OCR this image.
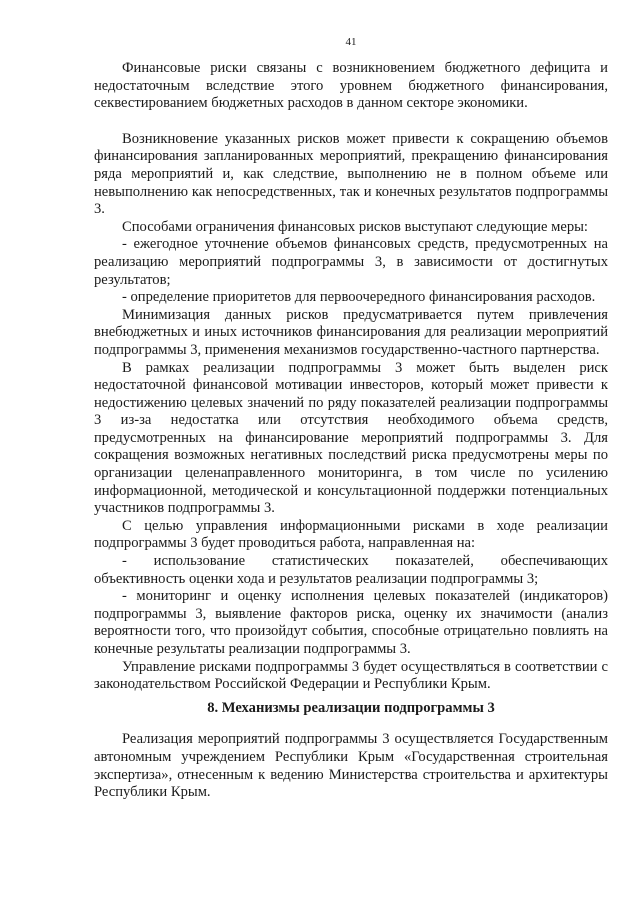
41

Финансовые риски связаны с возникновением бюджетного дефицита и недостаточным вследствие этого уровнем бюджетного финансирования, секвестированием бюджетных расходов в данном секторе экономики.

Возникновение указанных рисков может привести к сокращению объемов финансирования запланированных мероприятий, прекращению финансирования ряда мероприятий и, как следствие, выполнению не в полном объеме или невыполнению как непосредственных, так и конечных результатов подпрограммы 3.

Способами ограничения финансовых рисков выступают следующие меры:

- ежегодное уточнение объемов финансовых средств, предусмотренных на реализацию мероприятий подпрограммы 3, в зависимости от достигнутых результатов;

- определение приоритетов для первоочередного финансирования расходов.

Минимизация данных рисков предусматривается путем привлечения внебюджетных и иных источников финансирования для реализации мероприятий подпрограммы 3, применения механизмов государственно-частного партнерства.

В рамках реализации подпрограммы 3 может быть выделен риск недостаточной финансовой мотивации инвесторов, который может привести к недостижению целевых значений по ряду показателей реализации подпрограммы 3 из-за недостатка или отсутствия необходимого объема средств, предусмотренных на финансирование мероприятий подпрограммы 3. Для сокращения возможных негативных последствий риска предусмотрены меры по организации целенаправленного мониторинга, в том числе по усилению информационной, методической и консультационной поддержки потенциальных участников подпрограммы 3.

С целью управления информационными рисками в ходе реализации подпрограммы 3 будет проводиться работа, направленная на:

- использование статистических показателей, обеспечивающих объективность оценки хода и результатов реализации подпрограммы 3;

- мониторинг и оценку исполнения целевых показателей (индикаторов) подпрограммы 3, выявление факторов риска, оценку их значимости (анализ вероятности того, что произойдут события, способные отрицательно повлиять на конечные результаты реализации подпрограммы 3.

Управление рисками подпрограммы 3 будет осуществляться в соответствии с законодательством Российской Федерации и Республики Крым.

8. Механизмы реализации подпрограммы 3

Реализация мероприятий подпрограммы 3 осуществляется Государственным автономным учреждением Республики Крым «Государственная строительная экспертиза», отнесенным к ведению Министерства строительства и архитектуры Республики Крым.
